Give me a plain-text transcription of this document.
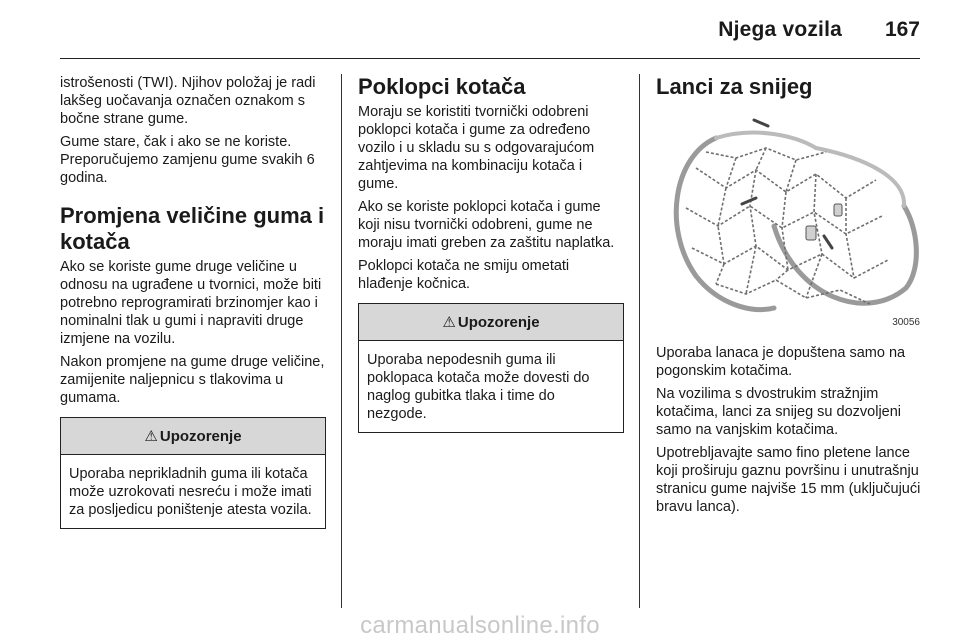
Njega vozila 167

istrošenosti (TWI). Njihov položaj je radi lakšeg uočavanja označen oznakom s bočne strane gume.

Gume stare, čak i ako se ne koriste. Preporučujemo zamjenu gume svakih 6 godina.

Promjena veličine guma i kotača

Ako se koriste gume druge veličine u odnosu na ugrađene u tvornici, može biti potrebno reprogramirati brzinomjer kao i nominalni tlak u gumi i napraviti druge izmjene na vozilu.

Nakon promjene na gume druge veličine, zamijenite naljepnicu s tlakovima u gumama.

⚠ Upozorenje

Uporaba neprikladnih guma ili kotača može uzrokovati nesreću i može imati za posljedicu poništenje atesta vozila.

Poklopci kotača

Moraju se koristiti tvornički odobreni poklopci kotača i gume za određeno vozilo i u skladu su s odgovarajućom zahtjevima na kombinaciju kotača i gume.

Ako se koriste poklopci kotača i gume koji nisu tvornički odobreni, gume ne moraju imati greben za zaštitu naplatka.

Poklopci kotača ne smiju ometati hlađenje kočnica.

⚠ Upozorenje

Uporaba nepodesnih guma ili poklopaca kotača može dovesti do naglog gubitka tlaka i time do nezgode.

Lanci za snijeg
30056

Uporaba lanaca je dopuštena samo na pogonskim kotačima.

Na vozilima s dvostrukim stražnjim kotačima, lanci za snijeg su dozvoljeni samo na vanjskim kotačima.

Upotrebljavajte samo fino pletene lance koji proširuju gaznu površinu i unutrašnju stranicu gume najviše 15 mm (uključujući bravu lanca).

carmanualsonline.info
